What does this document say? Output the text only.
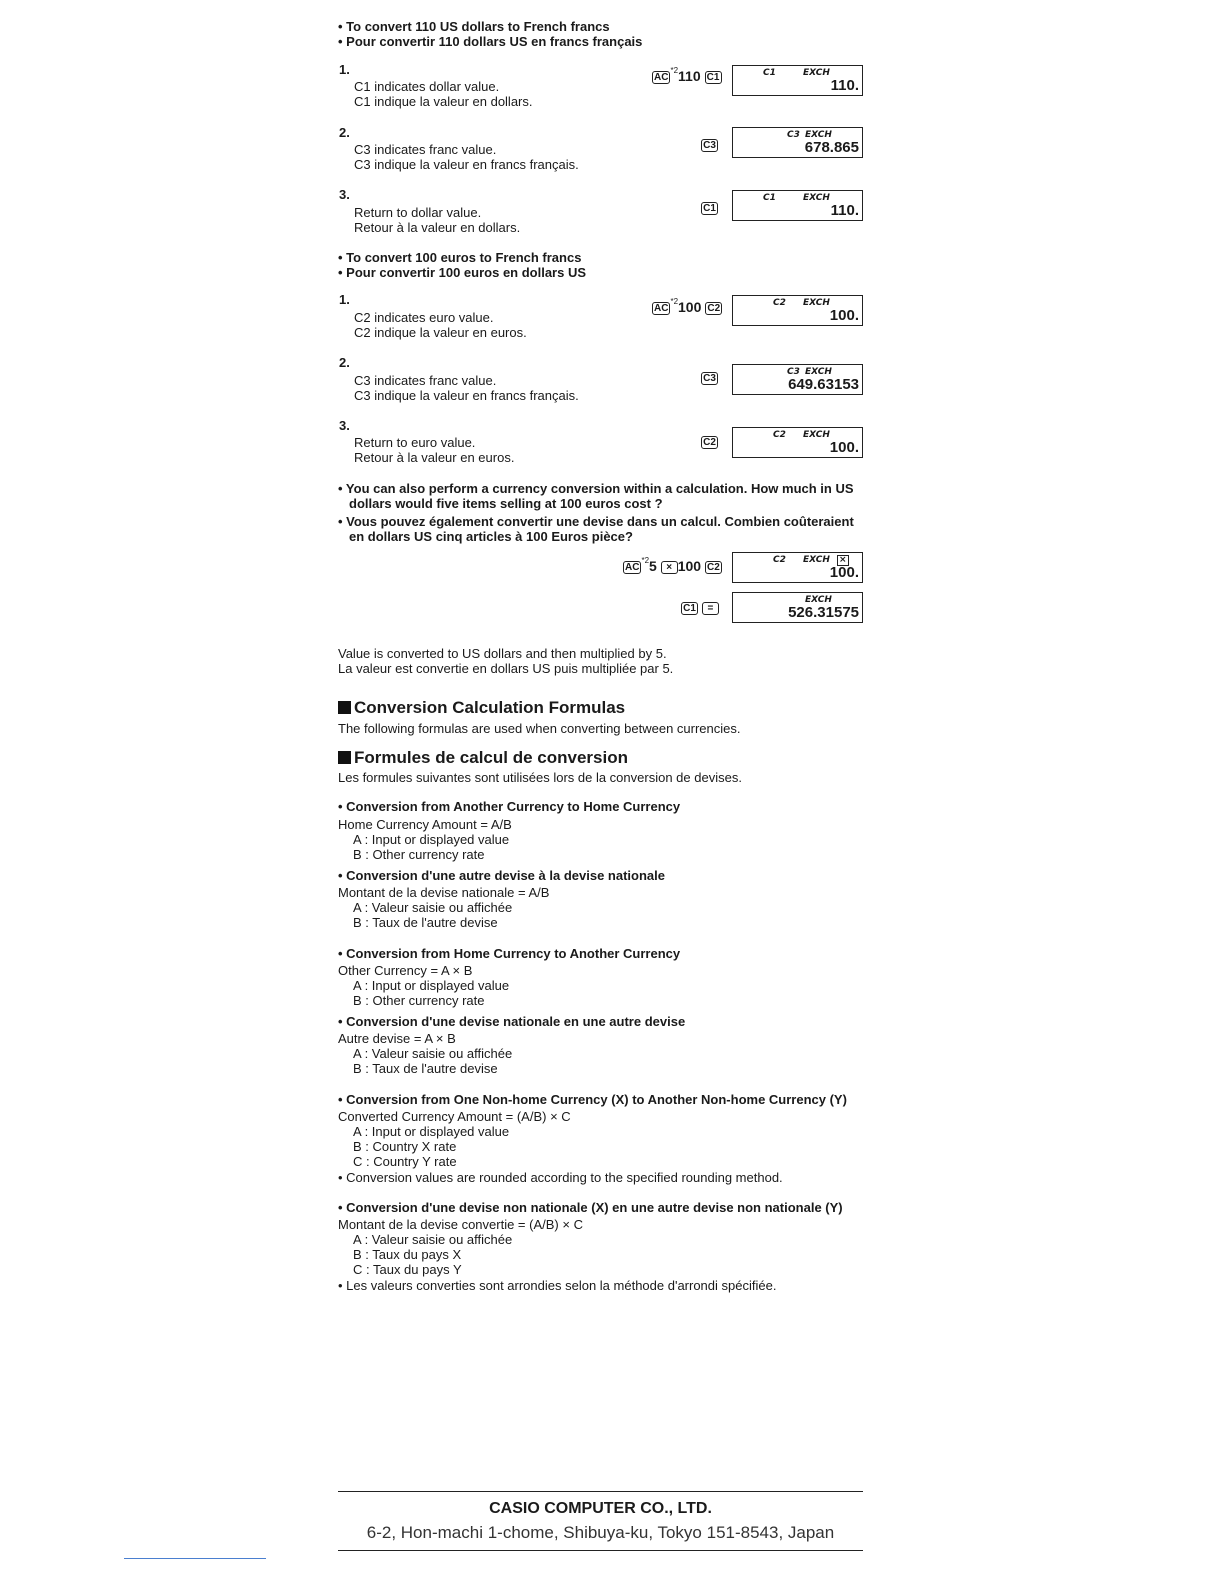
• To convert 110 US dollars to French francs
• Pour convertir 110 dollars US en francs français
1.
C1 indicates dollar value.
C1 indique la valeur en dollars.
AC$^{*2}$110 C1	C1	EXCH
110.
2.
C3 indicates franc value.
C3 indique la valeur en francs français.
C3
C3 EXCH
678.865
3.
Return to dollar value.
Retour à la valeur en dollars.
C1
C1	EXCH
110.
• To convert 100 euros to French francs
• Pour convertir 100 euros en dollars US
1.
C2 indicates euro value.
C2 indique la valeur en euros.
AC$^{*2}$100 C2	C2 EXCH
100.
2.
C3 indicates franc value.
C3 indique la valeur en francs français.
C3
C3 EXCH
649.63153
3.
Return to euro value.
Retour à la valeur en euros.
C2
C2 EXCH
100.
• You can also perform a currency conversion within a calculation. How much in US
dollars would five items selling at 100 euros cost ?
• Vous pouvez également convertir une devise dans un calcul. Combien coûteraient
en dollars US cinq articles à 100 Euros pièce?
$AC^{*2}5 \times 100$ C2
C2 EXCH ×
100.
C1 =
EXCH
526.31575
Value is converted to US dollars and then multiplied by 5.
La valeur est convertie en dollars US puis multipliée par 5.
Conversion Calculation Formulas
The following formulas are used when converting between currencies.
Formules de calcul de conversion
Les formules suivantes sont utilisées lors de la conversion de devises.
• Conversion from Another Currency to Home Currency
Home Currency Amount = A/B
A : Input or displayed value
B : Other currency rate
• Conversion d'une autre devise à la devise nationale
Montant de la devise nationale = A/B
A : Valeur saisie ou affichée
B : Taux de l'autre devise
• Conversion from Home Currency to Another Currency
Other Currency = A × B
A : Input or displayed value
B : Other currency rate
• Conversion d'une devise nationale en une autre devise
Autre devise = A × B
A : Valeur saisie ou affichée
B : Taux de l'autre devise
• Conversion from One Non-home Currency (X) to Another Non-home Currency (Y)
Converted Currency Amount = (A/B) × C
A : Input or displayed value
B : Country X rate
C : Country Y rate
• Conversion values are rounded according to the specified rounding method.
• Conversion d'une devise non nationale (X) en une autre devise non nationale (Y)
Montant de la devise convertie = (A/B) × C
A : Valeur saisie ou affichée
B : Taux du pays X
C : Taux du pays Y
• Les valeurs converties sont arrondies selon la méthode d'arrondi spécifiée.
CASIO COMPUTER CO., LTD.
6-2, Hon-machi 1-chome, Shibuya-ku, Tokyo 151-8543, Japan
